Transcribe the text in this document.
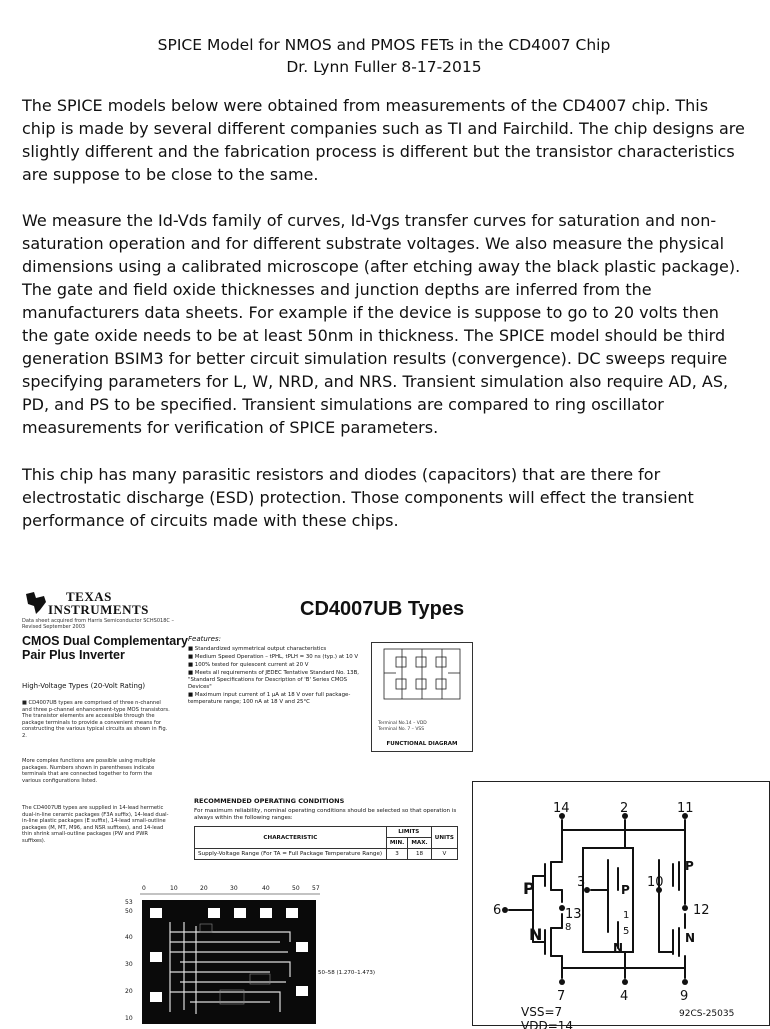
SPICE Model for NMOS and PMOS FETs in the CD4007 Chip
Dr. Lynn Fuller 8-17-2015

The SPICE models below were obtained from measurements of the CD4007 chip. This chip is made by several different companies such as TI and Fairchild. The chip designs are slightly different and the fabrication process is different but the transistor characteristics are suppose to be close to the same.

We measure the Id-Vds family of curves, Id-Vgs transfer curves for saturation and non-saturation operation and for different substrate voltages. We also measure the physical dimensions using a calibrated microscope (after etching away the black plastic package). The gate and field oxide thicknesses and junction depths are inferred from the manufacturers data sheets. For example if the device is suppose to go to 20 volts then the gate oxide needs to be at least 50nm in thickness. The SPICE model should be third generation BSIM3 for better circuit simulation results (convergence). DC sweeps require specifying parameters for L, W, NRD, and NRS. Transient simulation also require AD, AS, PD, and PS to be specified. Transient simulations are compared to ring oscillator measurements for verification of SPICE parameters.

This chip has many parasitic resistors and diodes (capacitors) that are there for electrostatic discharge (ESD) protection. Those components will effect the transient performance of circuits made with these chips.

TEXAS
INSTRUMENTS
Data sheet acquired from Harris Semiconductor SCHS018C – Revised September 2003
CMOS Dual Complementary Pair Plus Inverter
High-Voltage Types (20-Volt Rating)

■ CD4007UB types are comprised of three n-channel and three p-channel enhancement-type MOS transistors. The transistor elements are accessible through the package terminals to provide a convenient means for constructing the various typical circuits as shown in Fig. 2.

More complex functions are possible using multiple packages. Numbers shown in parentheses indicate terminals that are connected together to form the various configurations listed.

The CD4007UB types are supplied in 14-lead hermetic dual-in-line ceramic packages (F3A suffix), 14-lead dual-in-line plastic packages (E suffix), 14-lead small-outline packages (M, MT, M96, and NSR suffixes), and 14-lead thin shrink small-outline packages (PW and PWR suffixes).

CD4007UB Types
Features:
■ Standardized symmetrical output characteristics
■ Medium Speed Operation – tPHL, tPLH = 30 ns (typ.) at 10 V
■ 100% tested for quiescent current at 20 V
■ Meets all requirements of JEDEC Tentative Standard No. 13B, "Standard Specifications for Description of 'B' Series CMOS Devices"
■ Maximum input current of 1 μA at 18 V over full package-temperature range; 100 nA at 18 V and 25°C
Terminal No.14 – VDD
Terminal No. 7 – VSS
FUNCTIONAL DIAGRAM
RECOMMENDED OPERATING CONDITIONS
For maximum reliability, nominal operating conditions should be selected so that operation is always within the following ranges:
CHARACTERISTIC	LIMITS		UNITS
	MIN.	MAX.	
Supply-Voltage Range (For TA = Full Package Temperature Range)	3	18	V
0	10	20	30	40	50 57
53
50
40
30
20
10
50–58 (1.270–1.473)
14	2	11
P	P
P
6	13
3	10
12
8
1
5
N
N
N
7	4	9
VSS=7
VDD=14
92CS-25035
